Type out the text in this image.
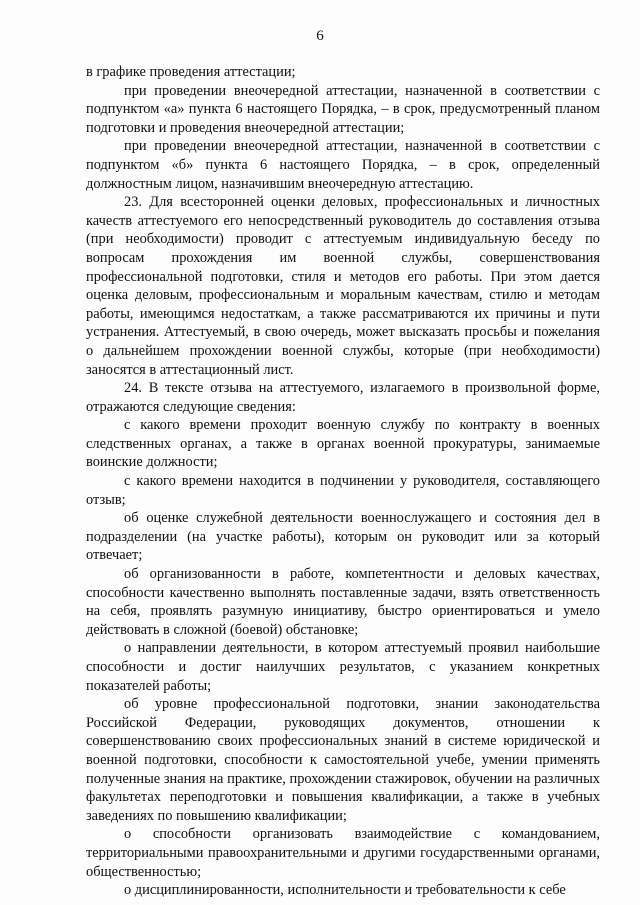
6

в графике проведения аттестации;

при проведении внеочередной аттестации, назначенной в соответствии с подпунктом «а» пункта 6 настоящего Порядка, – в срок, предусмотренный планом подготовки и проведения внеочередной аттестации;

при проведении внеочередной аттестации, назначенной в соответствии с подпунктом «б» пункта 6 настоящего Порядка, – в срок, определенный должностным лицом, назначившим внеочередную аттестацию.

23. Для всесторонней оценки деловых, профессиональных и личностных качеств аттестуемого его непосредственный руководитель до составления отзыва (при необходимости) проводит с аттестуемым индивидуальную беседу по вопросам прохождения им военной службы, совершенствования профессиональной подготовки, стиля и методов его работы. При этом дается оценка деловым, профессиональным и моральным качествам, стилю и методам работы, имеющимся недостаткам, а также рассматриваются их причины и пути устранения. Аттестуемый, в свою очередь, может высказать просьбы и пожелания о дальнейшем прохождении военной службы, которые (при необходимости) заносятся в аттестационный лист.

24. В тексте отзыва на аттестуемого, излагаемого в произвольной форме, отражаются следующие сведения:

с какого времени проходит военную службу по контракту в военных следственных органах, а также в органах военной прокуратуры, занимаемые воинские должности;

с какого времени находится в подчинении у руководителя, составляющего отзыв;

об оценке служебной деятельности военнослужащего и состояния дел в подразделении (на участке работы), которым он руководит или за который отвечает;

об организованности в работе, компетентности и деловых качествах, способности качественно выполнять поставленные задачи, взять ответственность на себя, проявлять разумную инициативу, быстро ориентироваться и умело действовать в сложной (боевой) обстановке;

о направлении деятельности, в котором аттестуемый проявил наибольшие способности и достиг наилучших результатов, с указанием конкретных показателей работы;

об уровне профессиональной подготовки, знании законодательства Российской Федерации, руководящих документов, отношении к совершенствованию своих профессиональных знаний в системе юридической и военной подготовки, способности к самостоятельной учебе, умении применять полученные знания на практике, прохождении стажировок, обучении на различных факультетах переподготовки и повышения квалификации, а также в учебных заведениях по повышению квалификации;

о способности организовать взаимодействие с командованием, территориальными правоохранительными и другими государственными органами, общественностью;

о дисциплинированности, исполнительности и требовательности к себе
